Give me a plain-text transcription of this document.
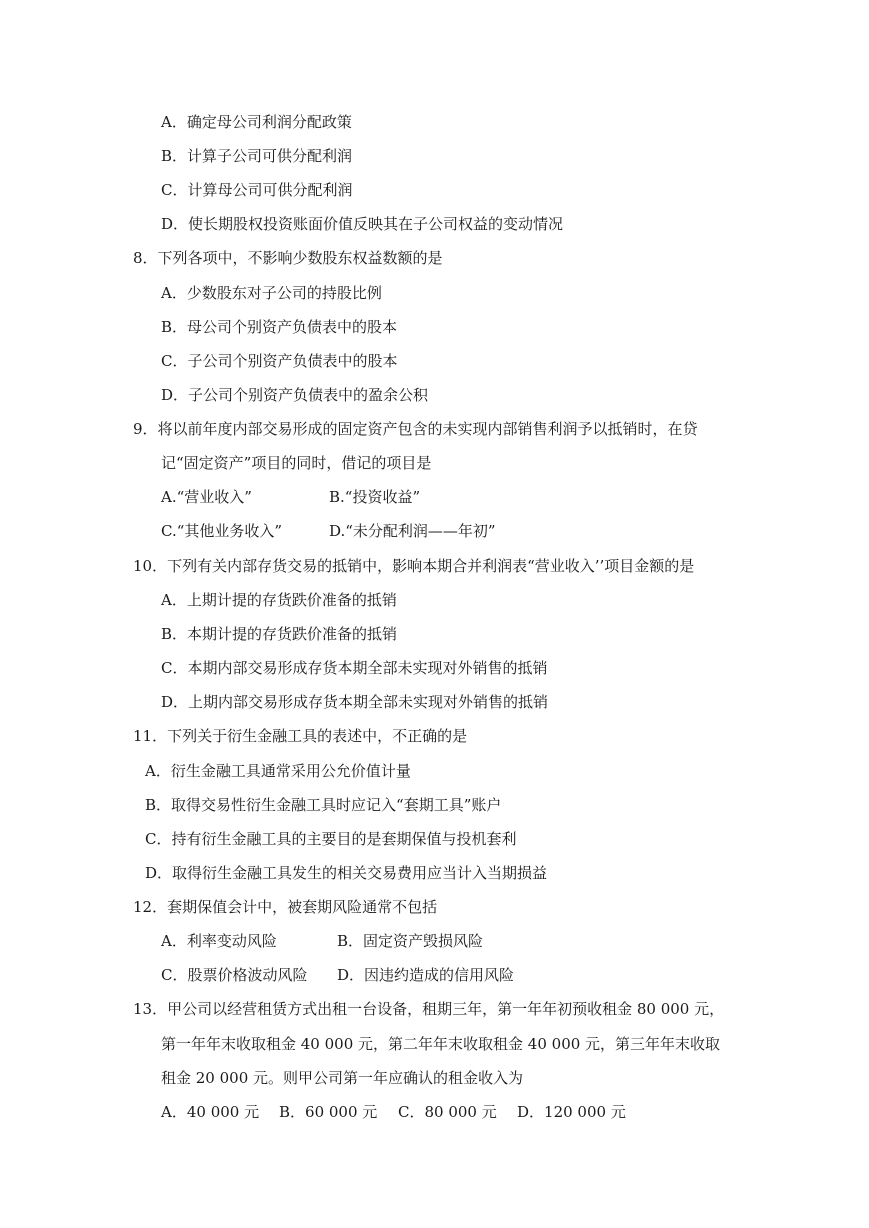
A．确定母公司利润分配政策
B．计算子公司可供分配利润
C．计算母公司可供分配利润
D．使长期股权投资账面价值反映其在子公司权益的变动情况
8．下列各项中，不影响少数股东权益数额的是
A．少数股东对子公司的持股比例
B．母公司个别资产负债表中的股本
C．子公司个别资产负债表中的股本
D．子公司个别资产负债表中的盈余公积
9．将以前年度内部交易形成的固定资产包含的未实现内部销售利润予以抵销时，在贷
记“固定资产”项目的同时，借记的项目是
A.“营业收入”	B.“投资收益”
C.“其他业务收入”	D.“未分配利润——年初”
10．下列有关内部存货交易的抵销中，影响本期合并利润表“营业收入’’项目金额的是
A．上期计提的存货跌价准备的抵销
B．本期计提的存货跌价准备的抵销
C．本期内部交易形成存货本期全部未实现对外销售的抵销
D．上期内部交易形成存货本期全部未实现对外销售的抵销
11．下列关于衍生金融工具的表述中，不正确的是
A．衍生金融工具通常采用公允价值计量
B．取得交易性衍生金融工具时应记入“套期工具”账户
C．持有衍生金融工具的主要目的是套期保值与投机套利
D．取得衍生金融工具发生的相关交易费用应当计入当期损益
12．套期保值会计中，被套期风险通常不包括
A．利率变动风险	B．固定资产毁损风险
C．股票价格波动风险 D．因违约造成的信用风险
13．甲公司以经营租赁方式出租一台设备，租期三年，第一年年初预收租金 80 000 元，
第一年年末收取租金 40 000 元，第二年年末收取租金 40 000 元，第三年年末收取
租金 20 000 元。则甲公司第一年应确认的租金收入为
A．40 000 元 B．60 000 元 C．80 000 元 D．120 000 元
